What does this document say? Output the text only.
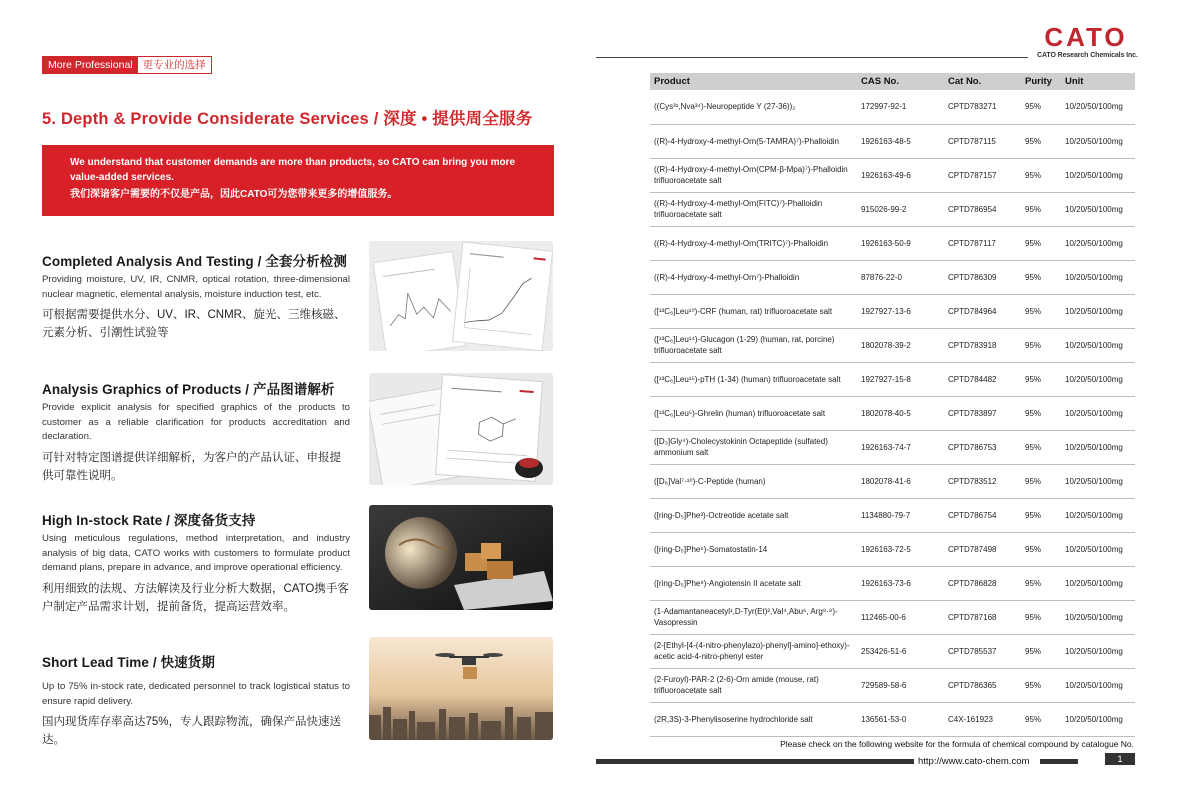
More Professional 更专业的选择
5. Depth & Provide Considerate Services / 深度 • 提供周全服务

We understand that customer demands are more than products, so CATO can bring you more value-added services.

我们深谙客户需要的不仅是产品，因此CATO可为您带来更多的增值服务。

Completed Analysis And Testing / 全套分析检测

Providing moisture, UV, IR, CNMR, optical rotation, three-dimensional nuclear magnetic, elemental analysis, moisture induction test, etc.

可根据需要提供水分、UV、IR、CNMR、旋光、三维核磁、元素分析、引潮性试验等

Analysis Graphics of Products / 产品图谱解析

Provide explicit analysis for specified graphics of the products to customer as a reliable clarification for products accreditation and declaration.

可针对特定图谱提供详细解析，为客户的产品认证、申报提供可靠性说明。

High In-stock Rate / 深度备货支持

Using meticulous regulations, method interpretation, and industry analysis of big data, CATO works with customers to formulate product demand plans, prepare in advance, and improve operational efficiency.

利用细致的法规、方法解读及行业分析大数据，CATO携手客户制定产品需求计划，提前备货，提高运营效率。

Short Lead Time / 快速货期

Up to 75% in-stock rate, dedicated personnel to track logistical status to ensure rapid delivery.

国内现货库存率高达75%，专人跟踪物流，确保产品快速送达。

CATO
CATO Research Chemicals Inc.
Product	CAS No.	Cat No.	Purity	Unit
((Cys³¹,Nva³⁴)-Neuropeptide Y (27-36))₂	172997-92-1	CPTD783271	95%	10/20/50/100mg
((R)-4-Hydroxy-4-methyl-Orn(5-TAMRA)⁷)-Phalloidin	1926163-48-5	CPTD787115	95%	10/20/50/100mg
((R)-4-Hydroxy-4-methyl-Orn(CPM-β-Mpa)⁷)-Phalloidin trifluoroacetate salt	1926163-49-6	CPTD787157	95%	10/20/50/100mg
((R)-4-Hydroxy-4-methyl-Orn(FITC)⁷)-Phalloidin trifluoroacetate salt	915026-99-2	CPTD786954	95%	10/20/50/100mg
((R)-4-Hydroxy-4-methyl-Orn(TRITC)⁷)-Phalloidin	1926163-50-9	CPTD787117	95%	10/20/50/100mg
((R)-4-Hydroxy-4-methyl-Orn⁷)-Phalloidin	87876-22-0	CPTD786309	95%	10/20/50/100mg
([¹³C₆]Leu¹⁰)-CRF (human, rat) trifluoroacetate salt	1927927-13-6	CPTD784964	95%	10/20/50/100mg
([¹³C₆]Leu¹⁴)-Glucagon (1-29) (human, rat, porcine) trifluoroacetate salt	1802078-39-2	CPTD783918	95%	10/20/50/100mg
([¹³C₆]Leu¹⁵)-pTH (1-34) (human) trifluoroacetate salt	1927927-15-8	CPTD784482	95%	10/20/50/100mg
([¹³C₆]Leu⁵)-Ghrelin (human) trifluoroacetate salt	1802078-40-5	CPTD783897	95%	10/20/50/100mg
([D₃]Gly⁴)-Cholecystokinin Octapeptide (sulfated) ammonium salt	1926163-74-7	CPTD786753	95%	10/20/50/100mg
([D₈]Val⁷·¹⁰)-C-Peptide (human)	1802078-41-6	CPTD783512	95%	10/20/50/100mg
([ring-D₅]Phe³)-Octreotide acetate salt	1134880-79-7	CPTD786754	95%	10/20/50/100mg
([ring-D₅]Phe⁶)-Somatostatin-14	1926163-72-5	CPTD787498	95%	10/20/50/100mg
([ring-D₅]Phe⁸)-Angiotensin II acetate salt	1926163-73-6	CPTD786828	95%	10/20/50/100mg
(1-Adamantaneacetyl¹,D-Tyr(Et)²,Val⁴,Abu⁶, Arg⁸·⁹)-Vasopressin	112465-00-6	CPTD787168	95%	10/20/50/100mg
(2-[Ethyl-[4-(4-nitro-phenylazo)-phenyl]-amino]-ethoxy)-acetic acid-4-nitro-phenyl ester	253426-51-6	CPTD785537	95%	10/20/50/100mg
(2-Furoyl)-PAR-2 (2-6)-Orn amide (mouse, rat) trifluoroacetate salt	729589-58-6	CPTD786365	95%	10/20/50/100mg
(2R,3S)-3-Phenylisoserine hydrochloride salt	136561-53-0	C4X-161923	95%	10/20/50/100mg
Please check on the following website for the formula of chemical compound by catalogue No.
http://www.cato-chem.com	1
